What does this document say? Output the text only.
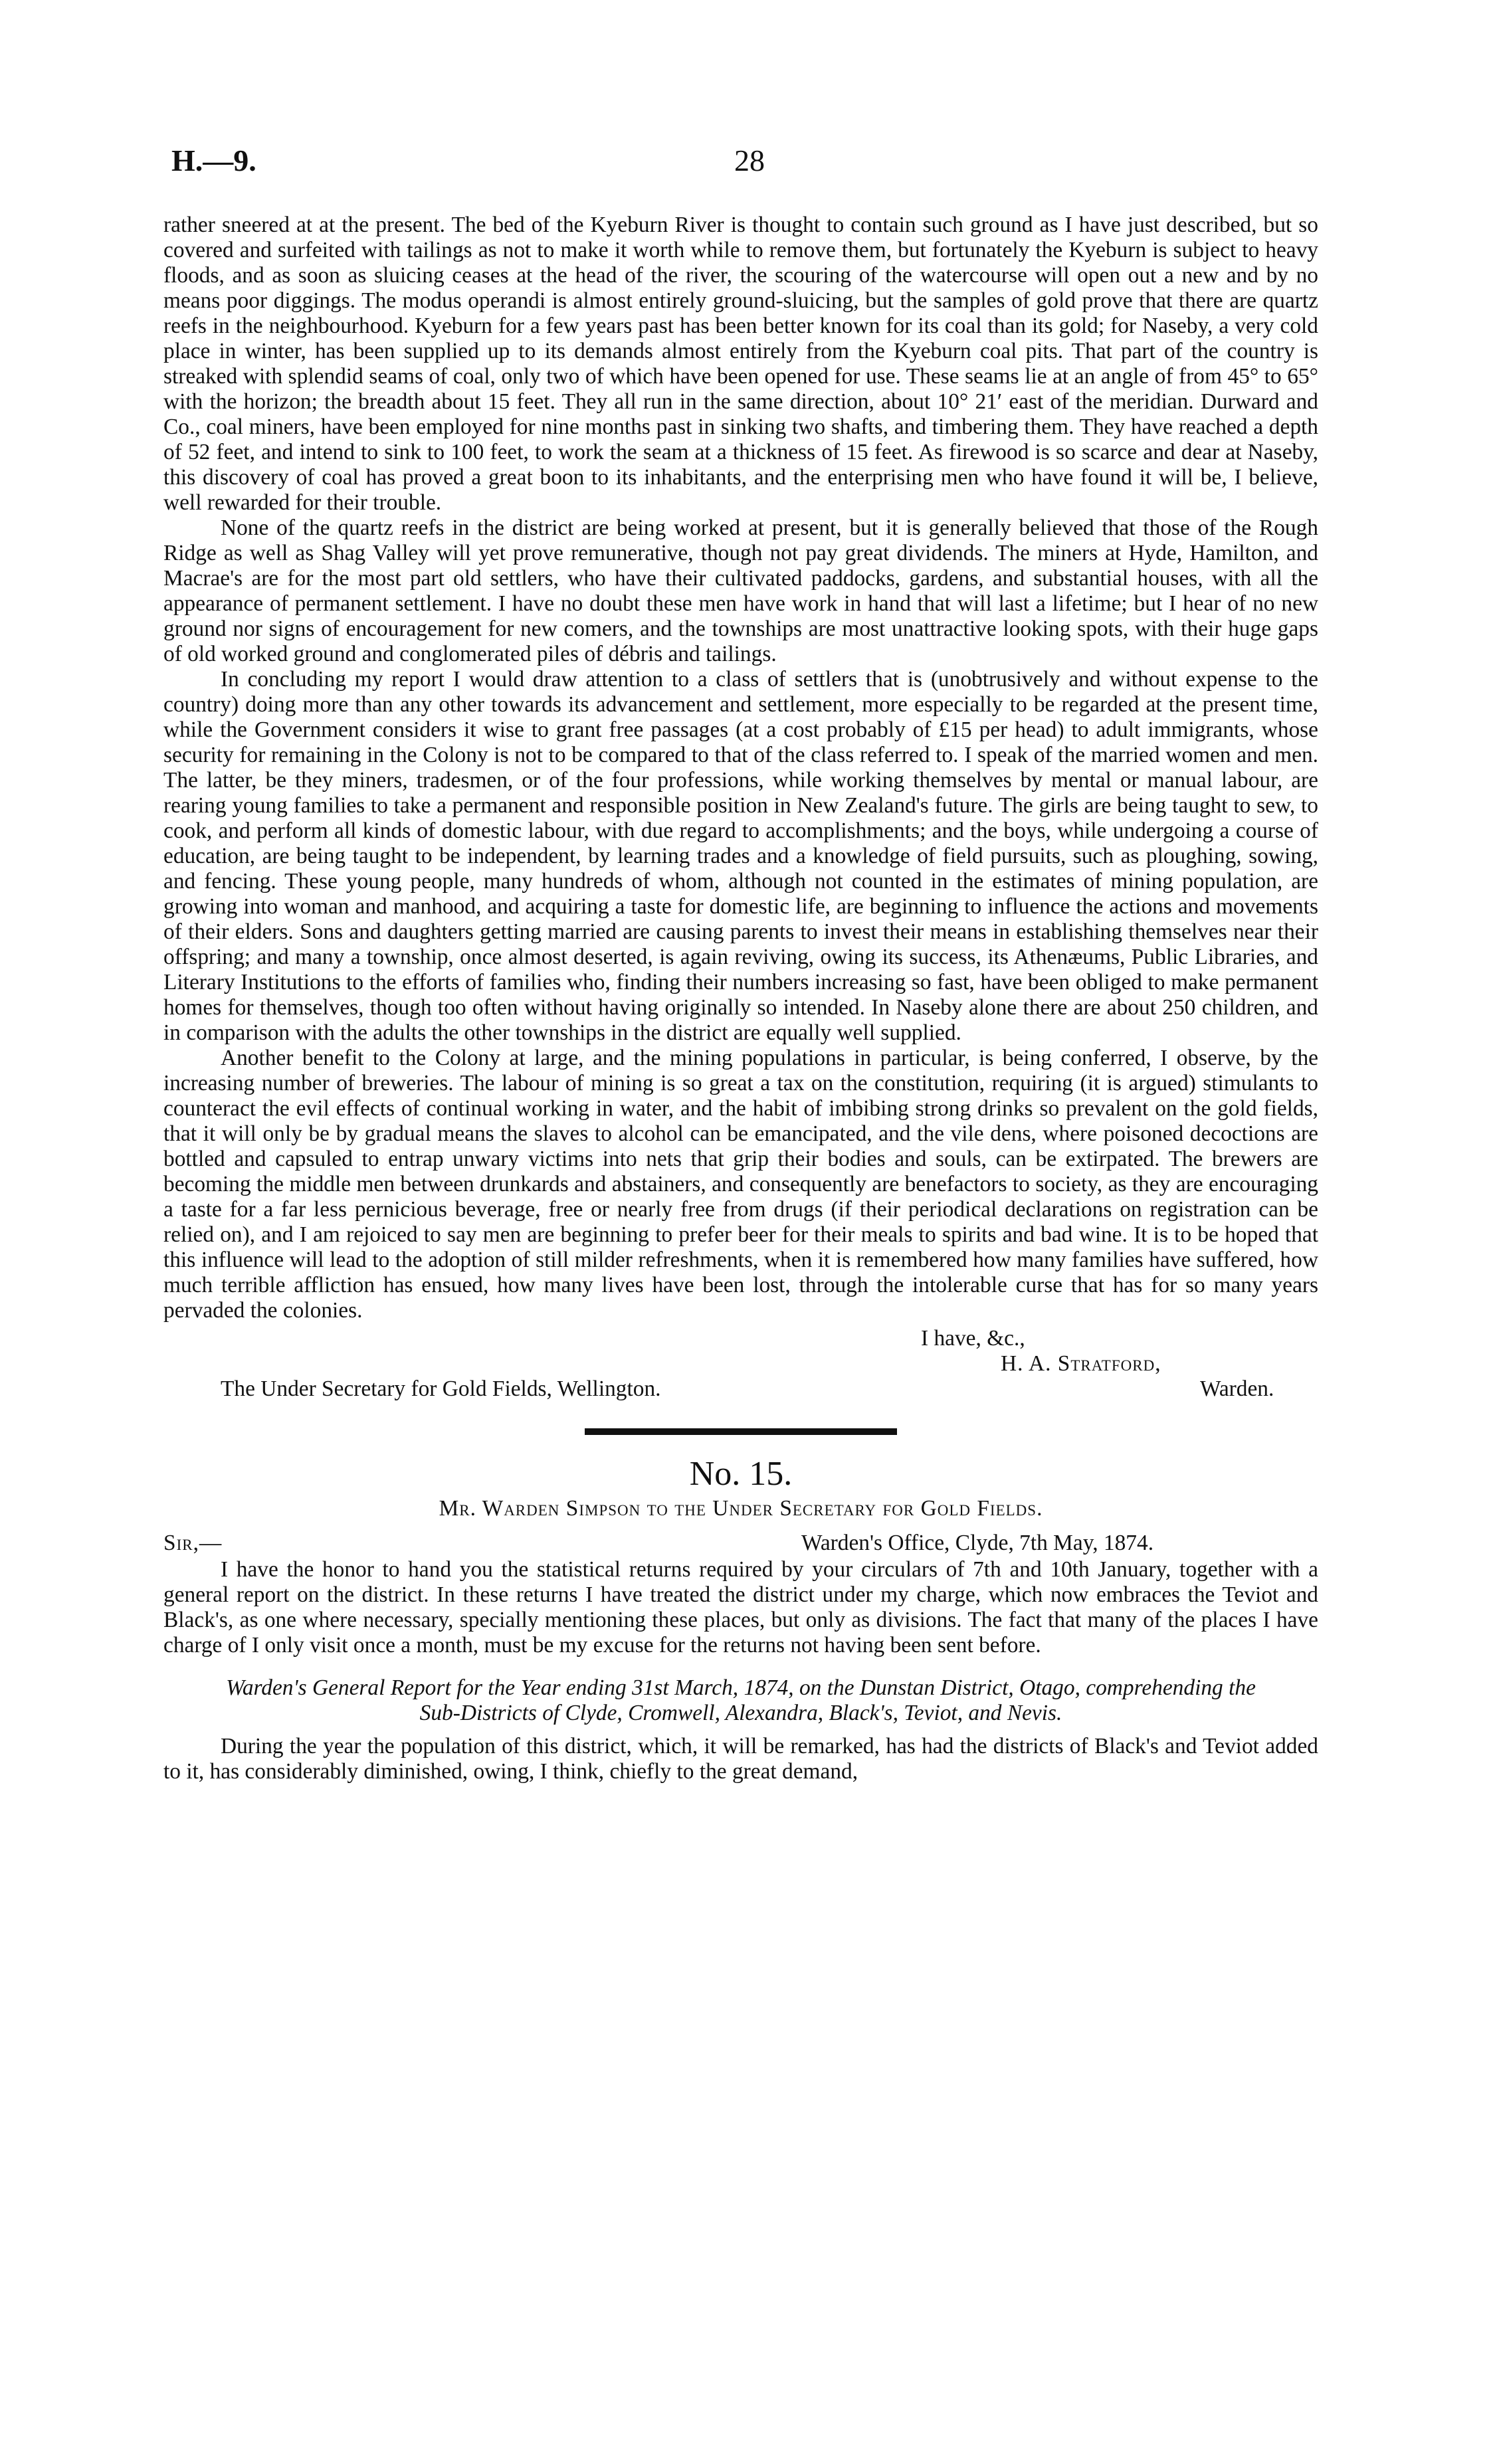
H.—9.	28

rather sneered at at the present. The bed of the Kyeburn River is thought to contain such ground as I have just described, but so covered and surfeited with tailings as not to make it worth while to remove them, but fortunately the Kyeburn is subject to heavy floods, and as soon as sluicing ceases at the head of the river, the scouring of the watercourse will open out a new and by no means poor diggings. The modus operandi is almost entirely ground-sluicing, but the samples of gold prove that there are quartz reefs in the neighbourhood. Kyeburn for a few years past has been better known for its coal than its gold; for Naseby, a very cold place in winter, has been supplied up to its demands almost entirely from the Kyeburn coal pits. That part of the country is streaked with splendid seams of coal, only two of which have been opened for use. These seams lie at an angle of from 45° to 65° with the horizon; the breadth about 15 feet. They all run in the same direction, about 10° 21′ east of the meridian. Durward and Co., coal miners, have been employed for nine months past in sinking two shafts, and timbering them. They have reached a depth of 52 feet, and intend to sink to 100 feet, to work the seam at a thickness of 15 feet. As firewood is so scarce and dear at Naseby, this discovery of coal has proved a great boon to its inhabitants, and the enterprising men who have found it will be, I believe, well rewarded for their trouble.

None of the quartz reefs in the district are being worked at present, but it is generally believed that those of the Rough Ridge as well as Shag Valley will yet prove remunerative, though not pay great dividends. The miners at Hyde, Hamilton, and Macrae's are for the most part old settlers, who have their cultivated paddocks, gardens, and substantial houses, with all the appearance of permanent settlement. I have no doubt these men have work in hand that will last a lifetime; but I hear of no new ground nor signs of encouragement for new comers, and the townships are most unattractive looking spots, with their huge gaps of old worked ground and conglomerated piles of débris and tailings.

In concluding my report I would draw attention to a class of settlers that is (unobtrusively and without expense to the country) doing more than any other towards its advancement and settlement, more especially to be regarded at the present time, while the Government considers it wise to grant free passages (at a cost probably of £15 per head) to adult immigrants, whose security for remaining in the Colony is not to be compared to that of the class referred to. I speak of the married women and men. The latter, be they miners, tradesmen, or of the four professions, while working themselves by mental or manual labour, are rearing young families to take a permanent and responsible position in New Zealand's future. The girls are being taught to sew, to cook, and perform all kinds of domestic labour, with due regard to accomplishments; and the boys, while undergoing a course of education, are being taught to be independent, by learning trades and a knowledge of field pursuits, such as ploughing, sowing, and fencing. These young people, many hundreds of whom, although not counted in the estimates of mining population, are growing into woman and manhood, and acquiring a taste for domestic life, are beginning to influence the actions and movements of their elders. Sons and daughters getting married are causing parents to invest their means in establishing themselves near their offspring; and many a township, once almost deserted, is again reviving, owing its success, its Athenæums, Public Libraries, and Literary Institutions to the efforts of families who, finding their numbers increasing so fast, have been obliged to make permanent homes for themselves, though too often without having originally so intended. In Naseby alone there are about 250 children, and in comparison with the adults the other townships in the district are equally well supplied.

Another benefit to the Colony at large, and the mining populations in particular, is being conferred, I observe, by the increasing number of breweries. The labour of mining is so great a tax on the constitution, requiring (it is argued) stimulants to counteract the evil effects of continual working in water, and the habit of imbibing strong drinks so prevalent on the gold fields, that it will only be by gradual means the slaves to alcohol can be emancipated, and the vile dens, where poisoned decoctions are bottled and capsuled to entrap unwary victims into nets that grip their bodies and souls, can be extirpated. The brewers are becoming the middle men between drunkards and abstainers, and consequently are benefactors to society, as they are encouraging a taste for a far less pernicious beverage, free or nearly free from drugs (if their periodical declarations on registration can be relied on), and I am rejoiced to say men are beginning to prefer beer for their meals to spirits and bad wine. It is to be hoped that this influence will lead to the adoption of still milder refreshments, when it is remembered how many families have suffered, how much terrible affliction has ensued, how many lives have been lost, through the intolerable curse that has for so many years pervaded the colonies.

I have, &c.,
H. A. Stratford,
The Under Secretary for Gold Fields, Wellington.	Warden.
No. 15.
Mr. Warden Simpson to the Under Secretary for Gold Fields.
Sir,—	Warden's Office, Clyde, 7th May, 1874.

I have the honor to hand you the statistical returns required by your circulars of 7th and 10th January, together with a general report on the district. In these returns I have treated the district under my charge, which now embraces the Teviot and Black's, as one where necessary, specially mentioning these places, but only as divisions. The fact that many of the places I have charge of I only visit once a month, must be my excuse for the returns not having been sent before.

Warden's General Report for the Year ending 31st March, 1874, on the Dunstan District, Otago, comprehending the Sub-Districts of Clyde, Cromwell, Alexandra, Black's, Teviot, and Nevis.

During the year the population of this district, which, it will be remarked, has had the districts of Black's and Teviot added to it, has considerably diminished, owing, I think, chiefly to the great demand,
